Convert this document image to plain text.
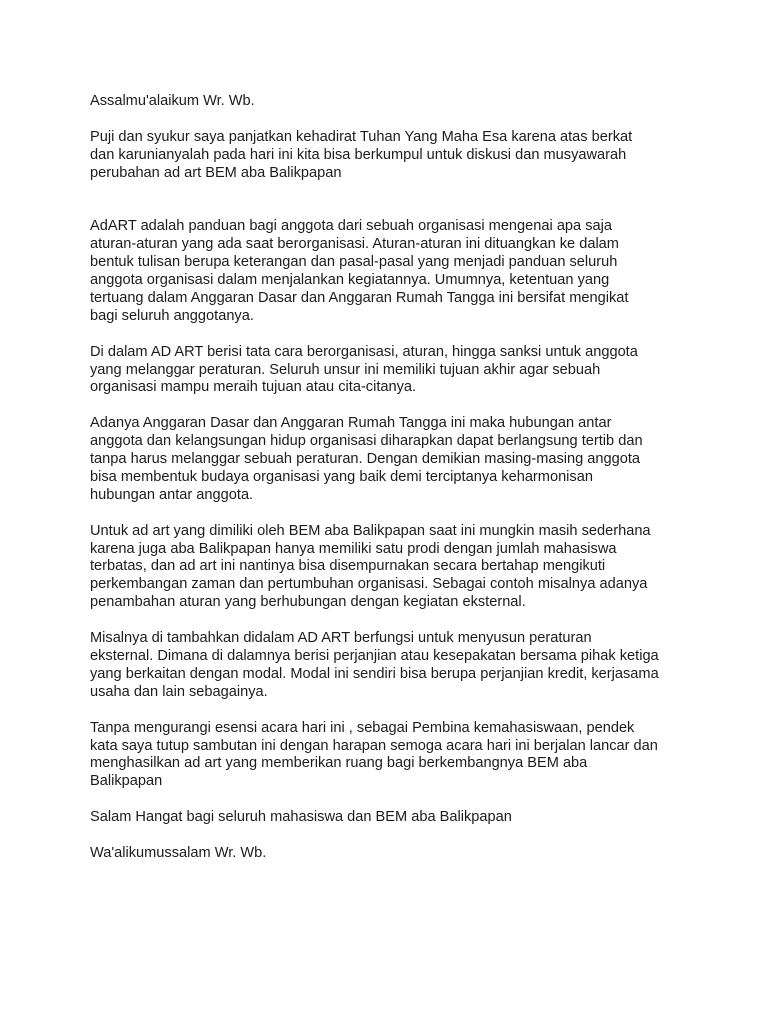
Assalmu'alaikum Wr. Wb.

Puji dan syukur saya panjatkan kehadirat Tuhan Yang Maha Esa karena atas berkat
dan karunianyalah pada hari ini kita bisa berkumpul untuk diskusi dan musyawarah
perubahan ad art BEM aba Balikpapan

AdART adalah panduan bagi anggota dari sebuah organisasi mengenai apa saja
aturan-aturan yang ada saat berorganisasi. Aturan-aturan ini dituangkan ke dalam
bentuk tulisan berupa keterangan dan pasal-pasal yang menjadi panduan seluruh
anggota organisasi dalam menjalankan kegiatannya. Umumnya, ketentuan yang
tertuang dalam Anggaran Dasar dan Anggaran Rumah Tangga ini bersifat mengikat
bagi seluruh anggotanya.

Di dalam AD ART berisi tata cara berorganisasi, aturan, hingga sanksi untuk anggota
yang melanggar peraturan. Seluruh unsur ini memiliki tujuan akhir agar sebuah
organisasi mampu meraih tujuan atau cita-citanya.

Adanya Anggaran Dasar dan Anggaran Rumah Tangga ini maka hubungan antar
anggota dan kelangsungan hidup organisasi diharapkan dapat berlangsung tertib dan
tanpa harus melanggar sebuah peraturan. Dengan demikian masing-masing anggota
bisa membentuk budaya organisasi yang baik demi terciptanya keharmonisan
hubungan antar anggota.

Untuk ad art yang dimiliki oleh BEM aba Balikpapan saat ini mungkin masih sederhana
karena juga aba Balikpapan hanya memiliki satu prodi dengan jumlah mahasiswa
terbatas, dan ad art ini nantinya bisa disempurnakan secara bertahap mengikuti
perkembangan zaman dan pertumbuhan organisasi. Sebagai contoh misalnya adanya
penambahan aturan yang berhubungan dengan kegiatan eksternal.

Misalnya di tambahkan didalam AD ART berfungsi untuk menyusun peraturan
eksternal. Dimana di dalamnya berisi perjanjian atau kesepakatan bersama pihak ketiga
yang berkaitan dengan modal. Modal ini sendiri bisa berupa perjanjian kredit, kerjasama
usaha dan lain sebagainya.

Tanpa mengurangi esensi acara hari ini , sebagai Pembina kemahasiswaan, pendek
kata saya tutup sambutan ini dengan harapan semoga acara hari ini berjalan lancar dan
menghasilkan ad art yang memberikan ruang bagi berkembangnya BEM aba
Balikpapan

Salam Hangat bagi seluruh mahasiswa dan BEM aba Balikpapan

Wa'alikumussalam Wr. Wb.
